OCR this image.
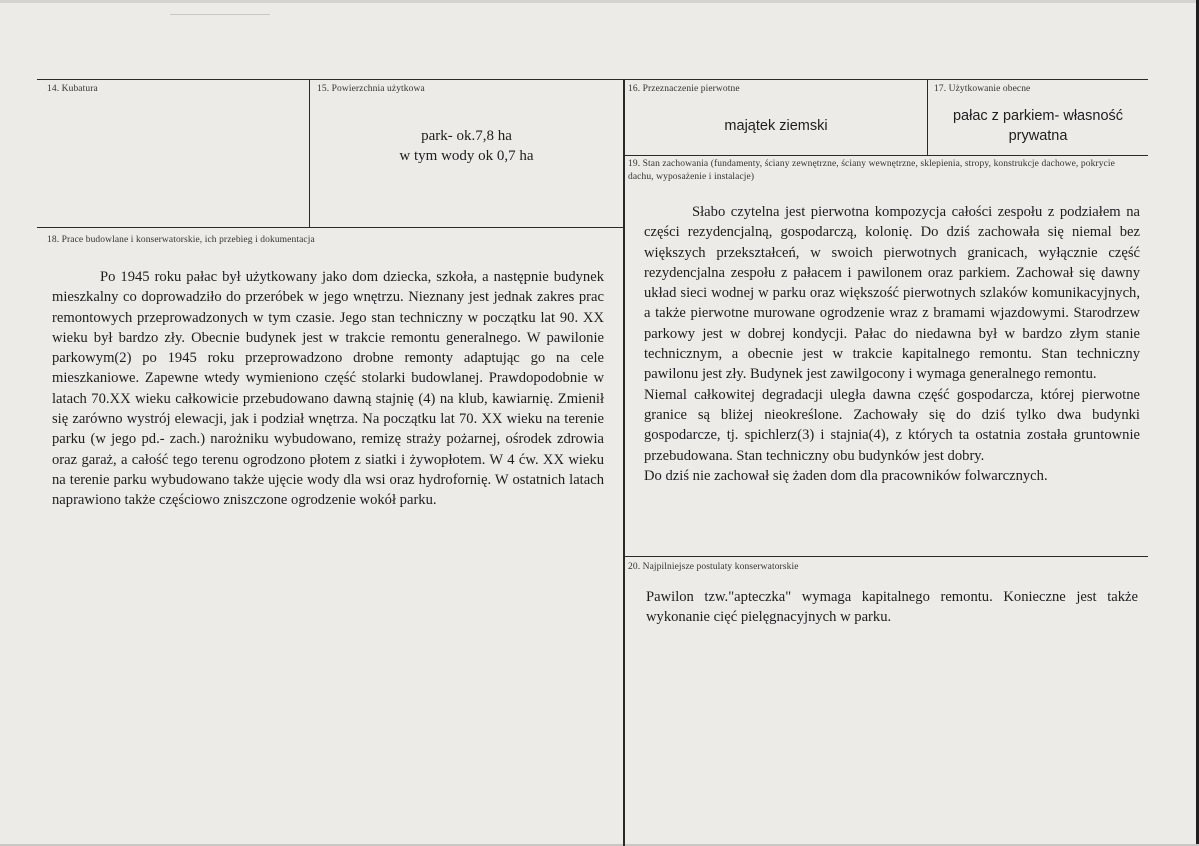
14. Kubatura	15. Powierzchnia użytkowa
park- ok.7,8 ha
w tym wody ok 0,7 ha
16. Przeznaczenie pierwotne
majątek ziemski
17. Użytkowanie obecne
pałac z parkiem- własność
prywatna
18. Prace budowlane i konserwatorskie, ich przebieg i dokumentacja

Po 1945 roku pałac był użytkowany jako dom dziecka, szkoła, a następnie budynek mieszkalny co doprowadziło do przeróbek w jego wnętrzu. Nieznany jest jednak zakres prac remontowych przeprowadzonych w tym czasie. Jego stan techniczny w początku lat 90. XX wieku był bardzo zły. Obecnie budynek jest w trakcie remontu generalnego. W pawilonie parkowym(2) po 1945 roku przeprowadzono drobne remonty adaptując go na cele mieszkaniowe. Zapewne wtedy wymieniono część stolarki budowlanej. Prawdopodobnie w latach 70.XX wieku całkowicie przebudowano dawną stajnię (4) na klub, kawiarnię. Zmienił się zarówno wystrój elewacji, jak i podział wnętrza. Na początku lat 70. XX wieku na terenie parku (w jego pd.- zach.) narożniku wybudowano, remizę straży pożarnej, ośrodek zdrowia oraz garaż, a całość tego terenu ogrodzono płotem z siatki i żywopłotem. W 4 ćw. XX wieku na terenie parku wybudowano także ujęcie wody dla wsi oraz hydrofornię. W ostatnich latach naprawiono także częściowo zniszczone ogrodzenie wokół parku.

19. Stan zachowania (fundamenty, ściany zewnętrzne, ściany wewnętrzne, sklepienia, stropy, konstrukcje dachowe, pokrycie dachu, wyposażenie i instalacje)

Słabo czytelna jest pierwotna kompozycja całości zespołu z podziałem na części rezydencjalną, gospodarczą, kolonię. Do dziś zachowała się niemal bez większych przekształceń, w swoich pierwotnych granicach, wyłącznie część rezydencjalna zespołu z pałacem i pawilonem oraz parkiem. Zachował się dawny układ sieci wodnej w parku oraz większość pierwotnych szlaków komunikacyjnych, a także pierwotne murowane ogrodzenie wraz z bramami wjazdowymi. Starodrzew parkowy jest w dobrej kondycji. Pałac do niedawna był w bardzo złym stanie technicznym, a obecnie jest w trakcie kapitalnego remontu. Stan techniczny pawilonu jest zły. Budynek jest zawilgocony i wymaga generalnego remontu.

Niemal całkowitej degradacji uległa dawna część gospodarcza, której pierwotne granice są bliżej nieokreślone. Zachowały się do dziś tylko dwa budynki gospodarcze, tj. spichlerz(3) i stajnia(4), z których ta ostatnia została gruntownie przebudowana. Stan techniczny obu budynków jest dobry.

Do dziś nie zachował się żaden dom dla pracowników folwarcznych.

20. Najpilniejsze postulaty konserwatorskie

Pawilon tzw."apteczka" wymaga kapitalnego remontu. Konieczne jest także wykonanie cięć pielęgnacyjnych w parku.
